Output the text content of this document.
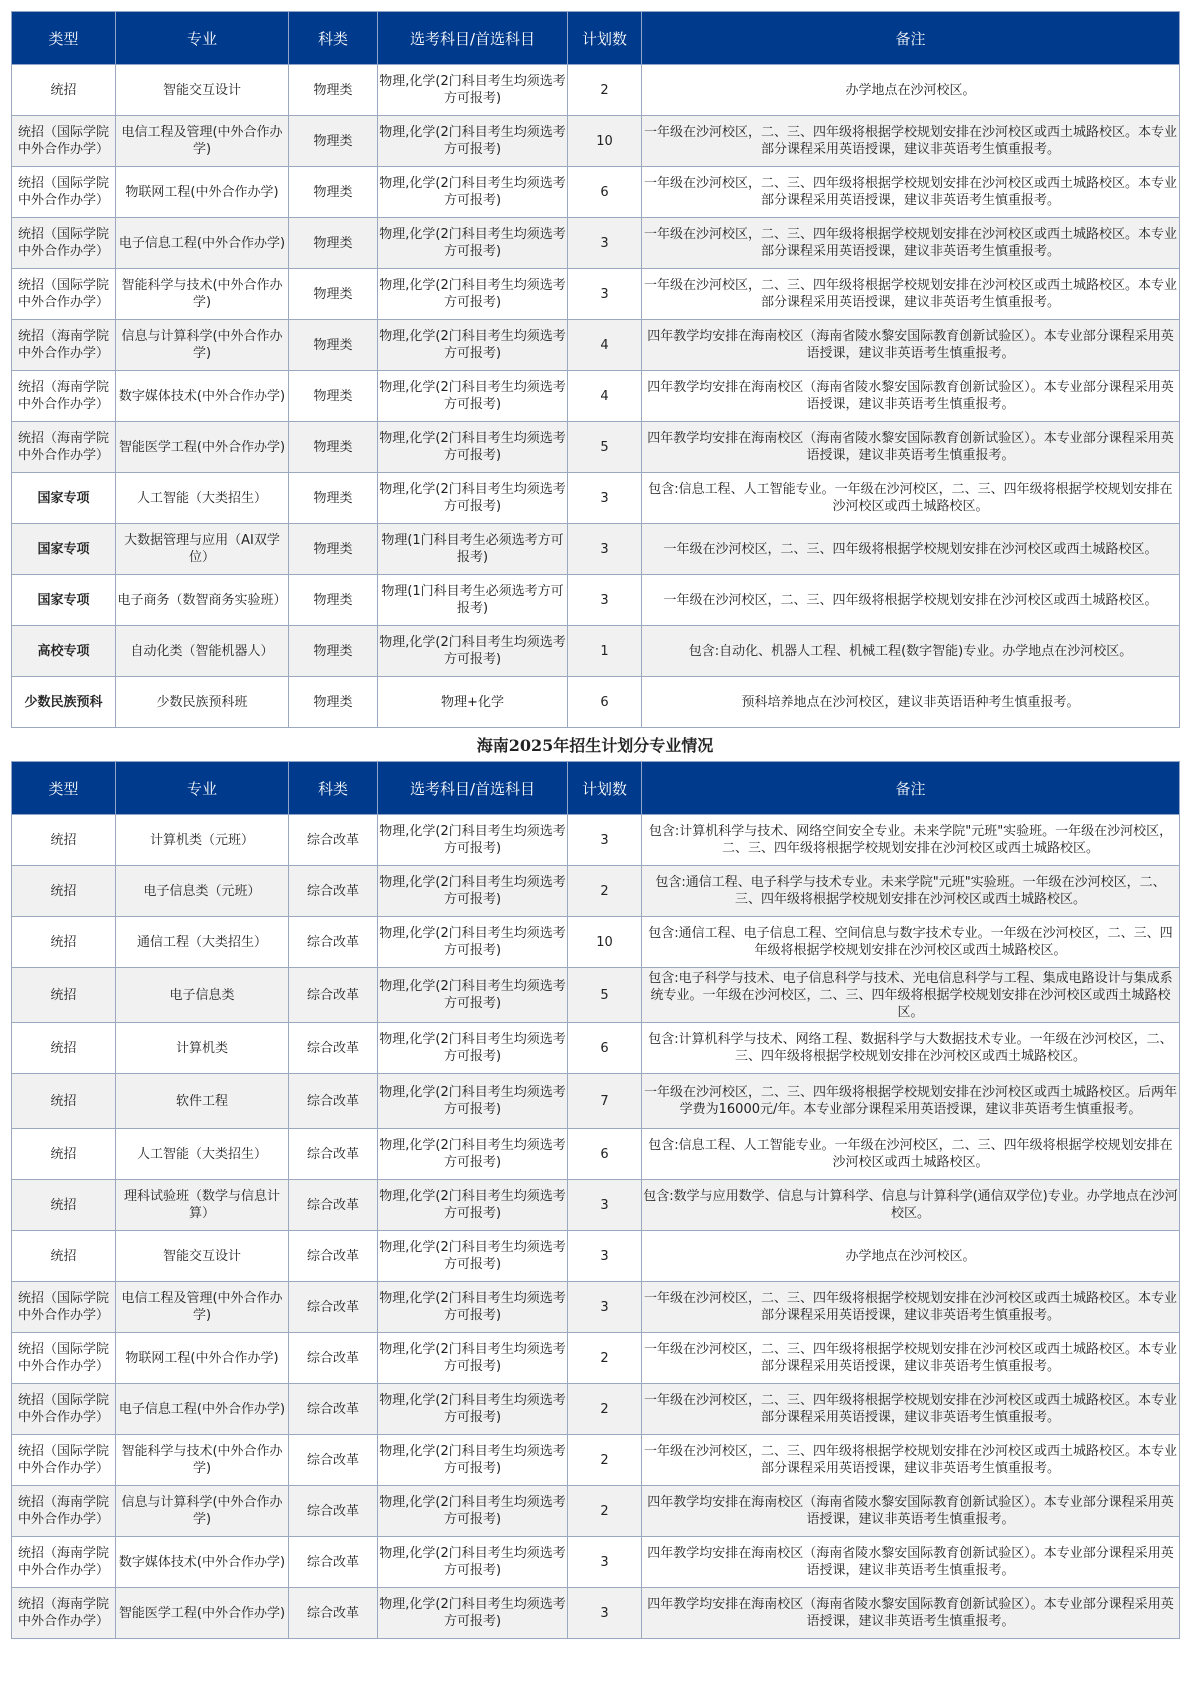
类型	专业	科类	选考科目/首选科目	计划数	备注
统招	智能交互设计	物理类	物理,化学(2门科目考生均须选考方可报考)	2	办学地点在沙河校区。
统招（国际学院中外合作办学）	电信工程及管理(中外合作办学)	物理类	物理,化学(2门科目考生均须选考方可报考)	10	一年级在沙河校区，二、三、四年级将根据学校规划安排在沙河校区或西土城路校区。本专业部分课程采用英语授课，建议非英语考生慎重报考。
统招（国际学院中外合作办学）	物联网工程(中外合作办学)	物理类	物理,化学(2门科目考生均须选考方可报考)	6	一年级在沙河校区，二、三、四年级将根据学校规划安排在沙河校区或西土城路校区。本专业部分课程采用英语授课，建议非英语考生慎重报考。
统招（国际学院中外合作办学）	电子信息工程(中外合作办学)	物理类	物理,化学(2门科目考生均须选考方可报考)	3	一年级在沙河校区，二、三、四年级将根据学校规划安排在沙河校区或西土城路校区。本专业部分课程采用英语授课，建议非英语考生慎重报考。
统招（国际学院中外合作办学）	智能科学与技术(中外合作办学)	物理类	物理,化学(2门科目考生均须选考方可报考)	3	一年级在沙河校区，二、三、四年级将根据学校规划安排在沙河校区或西土城路校区。本专业部分课程采用英语授课，建议非英语考生慎重报考。
统招（海南学院中外合作办学）	信息与计算科学(中外合作办学)	物理类	物理,化学(2门科目考生均须选考方可报考)	4	四年教学均安排在海南校区（海南省陵水黎安国际教育创新试验区）。本专业部分课程采用英语授课，建议非英语考生慎重报考。
统招（海南学院中外合作办学）	数字媒体技术(中外合作办学)	物理类	物理,化学(2门科目考生均须选考方可报考)	4	四年教学均安排在海南校区（海南省陵水黎安国际教育创新试验区）。本专业部分课程采用英语授课，建议非英语考生慎重报考。
统招（海南学院中外合作办学）	智能医学工程(中外合作办学)	物理类	物理,化学(2门科目考生均须选考方可报考)	5	四年教学均安排在海南校区（海南省陵水黎安国际教育创新试验区）。本专业部分课程采用英语授课，建议非英语考生慎重报考。
国家专项	人工智能（大类招生）	物理类	物理,化学(2门科目考生均须选考方可报考)	3	包含:信息工程、人工智能专业。一年级在沙河校区，二、三、四年级将根据学校规划安排在沙河校区或西土城路校区。
国家专项	大数据管理与应用（AI双学位）	物理类	物理(1门科目考生必须选考方可报考)	3	一年级在沙河校区，二、三、四年级将根据学校规划安排在沙河校区或西土城路校区。
国家专项	电子商务（数智商务实验班）	物理类	物理(1门科目考生必须选考方可报考)	3	一年级在沙河校区，二、三、四年级将根据学校规划安排在沙河校区或西土城路校区。
高校专项	自动化类（智能机器人）	物理类	物理,化学(2门科目考生均须选考方可报考)	1	包含:自动化、机器人工程、机械工程(数字智能)专业。办学地点在沙河校区。
少数民族预科	少数民族预科班	物理类	物理+化学	6	预科培养地点在沙河校区，建议非英语语种考生慎重报考。
海南2025年招生计划分专业情况
类型	专业	科类	选考科目/首选科目	计划数	备注
统招	计算机类（元班）	综合改革	物理,化学(2门科目考生均须选考方可报考)	3	包含:计算机科学与技术、网络空间安全专业。未来学院"元班"实验班。一年级在沙河校区，二、三、四年级将根据学校规划安排在沙河校区或西土城路校区。
统招	电子信息类（元班）	综合改革	物理,化学(2门科目考生均须选考方可报考)	2	包含:通信工程、电子科学与技术专业。未来学院"元班"实验班。一年级在沙河校区，二、三、四年级将根据学校规划安排在沙河校区或西土城路校区。
统招	通信工程（大类招生）	综合改革	物理,化学(2门科目考生均须选考方可报考)	10	包含:通信工程、电子信息工程、空间信息与数字技术专业。一年级在沙河校区，二、三、四年级将根据学校规划安排在沙河校区或西土城路校区。
统招	电子信息类	综合改革	物理,化学(2门科目考生均须选考方可报考)	5	包含:电子科学与技术、电子信息科学与技术、光电信息科学与工程、集成电路设计与集成系统专业。一年级在沙河校区，二、三、四年级将根据学校规划安排在沙河校区或西土城路校区。
统招	计算机类	综合改革	物理,化学(2门科目考生均须选考方可报考)	6	包含:计算机科学与技术、网络工程、数据科学与大数据技术专业。一年级在沙河校区，二、三、四年级将根据学校规划安排在沙河校区或西土城路校区。
统招	软件工程	综合改革	物理,化学(2门科目考生均须选考方可报考)	7	一年级在沙河校区，二、三、四年级将根据学校规划安排在沙河校区或西土城路校区。后两年学费为16000元/年。本专业部分课程采用英语授课，建议非英语考生慎重报考。
统招	人工智能（大类招生）	综合改革	物理,化学(2门科目考生均须选考方可报考)	6	包含:信息工程、人工智能专业。一年级在沙河校区，二、三、四年级将根据学校规划安排在沙河校区或西土城路校区。
统招	理科试验班（数学与信息计算）	综合改革	物理,化学(2门科目考生均须选考方可报考)	3	包含:数学与应用数学、信息与计算科学、信息与计算科学(通信双学位)专业。办学地点在沙河校区。
统招	智能交互设计	综合改革	物理,化学(2门科目考生均须选考方可报考)	3	办学地点在沙河校区。
统招（国际学院中外合作办学）	电信工程及管理(中外合作办学)	综合改革	物理,化学(2门科目考生均须选考方可报考)	3	一年级在沙河校区，二、三、四年级将根据学校规划安排在沙河校区或西土城路校区。本专业部分课程采用英语授课，建议非英语考生慎重报考。
统招（国际学院中外合作办学）	物联网工程(中外合作办学)	综合改革	物理,化学(2门科目考生均须选考方可报考)	2	一年级在沙河校区，二、三、四年级将根据学校规划安排在沙河校区或西土城路校区。本专业部分课程采用英语授课，建议非英语考生慎重报考。
统招（国际学院中外合作办学）	电子信息工程(中外合作办学)	综合改革	物理,化学(2门科目考生均须选考方可报考)	2	一年级在沙河校区，二、三、四年级将根据学校规划安排在沙河校区或西土城路校区。本专业部分课程采用英语授课，建议非英语考生慎重报考。
统招（国际学院中外合作办学）	智能科学与技术(中外合作办学)	综合改革	物理,化学(2门科目考生均须选考方可报考)	2	一年级在沙河校区，二、三、四年级将根据学校规划安排在沙河校区或西土城路校区。本专业部分课程采用英语授课，建议非英语考生慎重报考。
统招（海南学院中外合作办学）	信息与计算科学(中外合作办学)	综合改革	物理,化学(2门科目考生均须选考方可报考)	2	四年教学均安排在海南校区（海南省陵水黎安国际教育创新试验区）。本专业部分课程采用英语授课，建议非英语考生慎重报考。
统招（海南学院中外合作办学）	数字媒体技术(中外合作办学)	综合改革	物理,化学(2门科目考生均须选考方可报考)	3	四年教学均安排在海南校区（海南省陵水黎安国际教育创新试验区）。本专业部分课程采用英语授课，建议非英语考生慎重报考。
统招（海南学院中外合作办学）	智能医学工程(中外合作办学)	综合改革	物理,化学(2门科目考生均须选考方可报考)	3	四年教学均安排在海南校区（海南省陵水黎安国际教育创新试验区）。本专业部分课程采用英语授课，建议非英语考生慎重报考。
